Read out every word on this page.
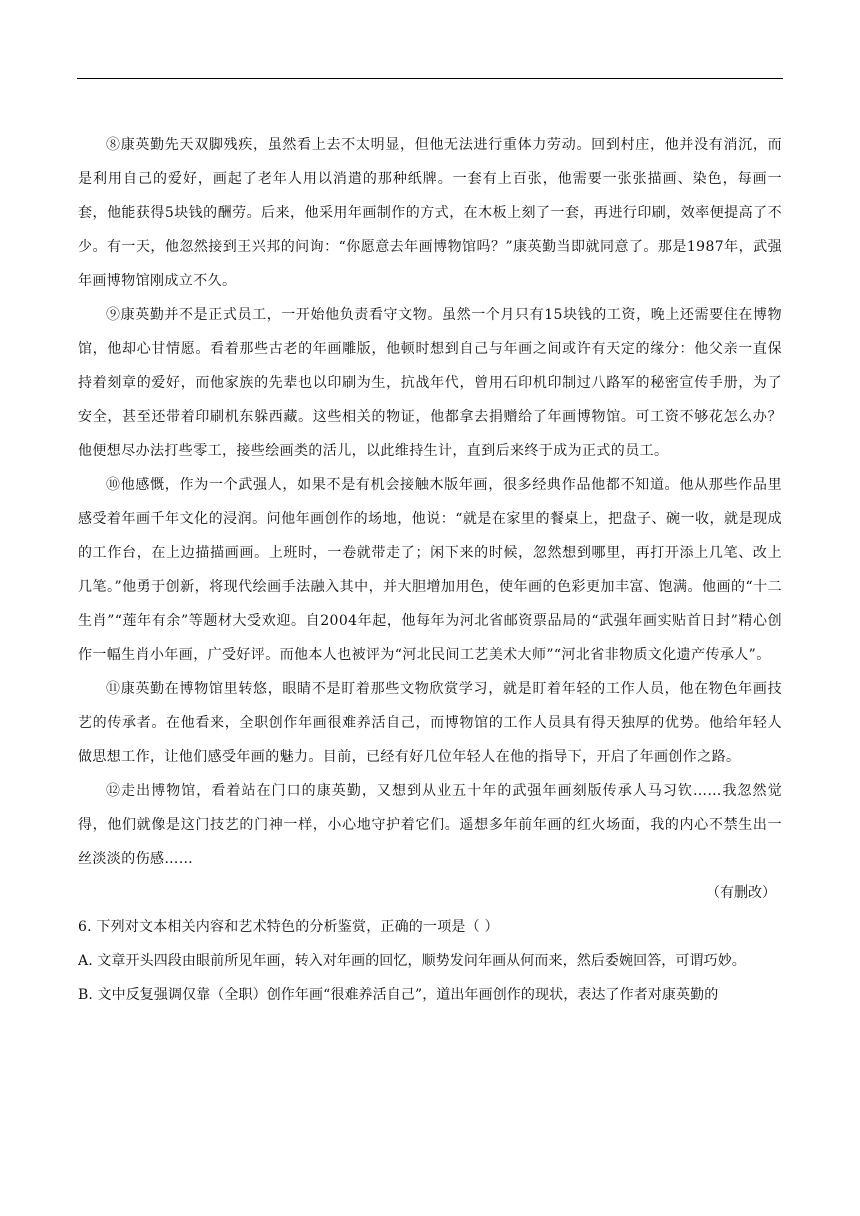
⑧康英勤先天双脚残疾，虽然看上去不太明显，但他无法进行重体力劳动。回到村庄，他并没有消沉，而是利用自己的爱好，画起了老年人用以消遣的那种纸牌。一套有上百张，他需要一张张描画、染色，每画一套，他能获得5块钱的酬劳。后来，他采用年画制作的方式，在木板上刻了一套，再进行印刷，效率便提高了不少。有一天，他忽然接到王兴邦的问询：“你愿意去年画博物馆吗？”康英勤当即就同意了。那是1987年，武强年画博物馆刚成立不久。

⑨康英勤并不是正式员工，一开始他负责看守文物。虽然一个月只有15块钱的工资，晚上还需要住在博物馆，他却心甘情愿。看着那些古老的年画雕版，他顿时想到自己与年画之间或许有天定的缘分：他父亲一直保持着刻章的爱好，而他家族的先辈也以印刷为生，抗战年代，曾用石印机印制过八路军的秘密宣传手册，为了安全，甚至还带着印刷机东躲西藏。这些相关的物证，他都拿去捐赠给了年画博物馆。可工资不够花怎么办？他便想尽办法打些零工，接些绘画类的活儿，以此维持生计，直到后来终于成为正式的员工。

⑩他感慨，作为一个武强人，如果不是有机会接触木版年画，很多经典作品他都不知道。他从那些作品里感受着年画千年文化的浸润。问他年画创作的场地，他说：“就是在家里的餐桌上，把盘子、碗一收，就是现成的工作台，在上边描描画画。上班时，一卷就带走了；闲下来的时候，忽然想到哪里，再打开添上几笔、改上几笔。”他勇于创新，将现代绘画手法融入其中，并大胆增加用色，使年画的色彩更加丰富、饱满。他画的“十二生肖”“莲年有余”等题材大受欢迎。自2004年起，他每年为河北省邮资票品局的“武强年画实贴首日封”精心创作一幅生肖小年画，广受好评。而他本人也被评为“河北民间工艺美术大师”“河北省非物质文化遗产传承人”。

⑪康英勤在博物馆里转悠，眼睛不是盯着那些文物欣赏学习，就是盯着年轻的工作人员，他在物色年画技艺的传承者。在他看来，全职创作年画很难养活自己，而博物馆的工作人员具有得天独厚的优势。他给年轻人做思想工作，让他们感受年画的魅力。目前，已经有好几位年轻人在他的指导下，开启了年画创作之路。

⑫走出博物馆，看着站在门口的康英勤，又想到从业五十年的武强年画刻版传承人马习钦……我忽然觉得，他们就像是这门技艺的门神一样，小心地守护着它们。遥想多年前年画的红火场面，我的内心不禁生出一丝淡淡的伤感……

（有删改）

6. 下列对文本相关内容和艺术特色的分析鉴赏，正确的一项是（ ）

A. 文章开头四段由眼前所见年画，转入对年画的回忆，顺势发问年画从何而来，然后委婉回答，可谓巧妙。

B. 文中反复强调仅靠（全职）创作年画“很难养活自己”，道出年画创作的现状，表达了作者对康英勤的
